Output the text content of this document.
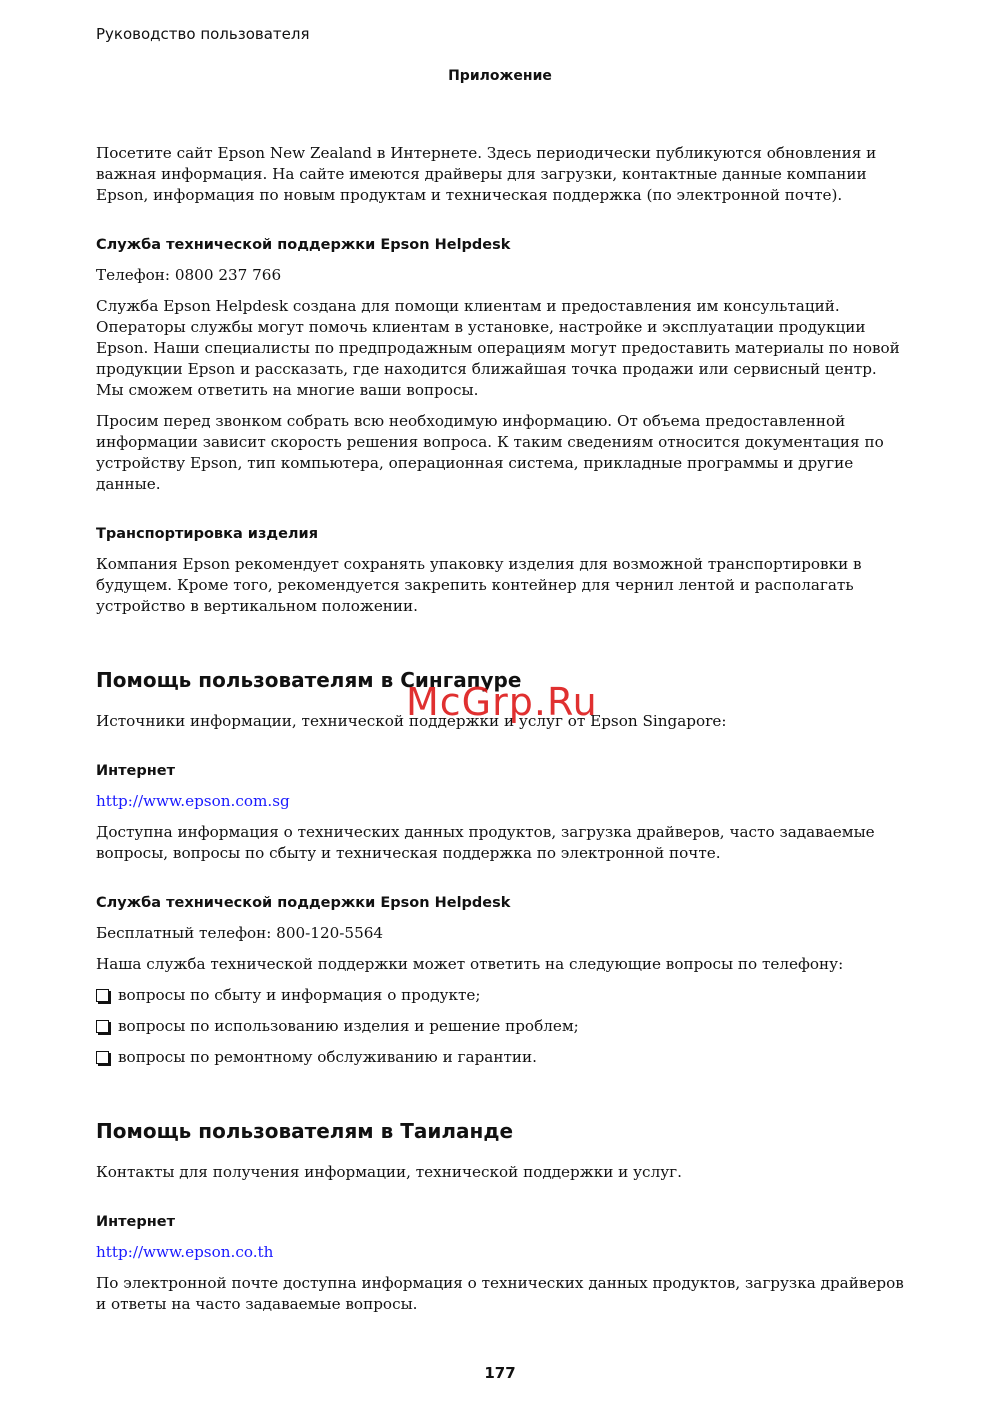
Руководство пользователя
Приложение

Посетите сайт Epson New Zealand в Интернете. Здесь периодически публикуются обновления и важная информация. На сайте имеются драйверы для загрузки, контактные данные компании Epson, информация по новым продуктам и техническая поддержка (по электронной почте).

Служба технической поддержки Epson Helpdesk

Телефон: 0800 237 766

Служба Epson Helpdesk создана для помощи клиентам и предоставления им консультаций. Операторы службы могут помочь клиентам в установке, настройке и эксплуатации продукции Epson. Наши специалисты по предпродажным операциям могут предоставить материалы по новой продукции Epson и рассказать, где находится ближайшая точка продажи или сервисный центр. Мы сможем ответить на многие ваши вопросы.

Просим перед звонком собрать всю необходимую информацию. От объема предоставленной информации зависит скорость решения вопроса. К таким сведениям относится документация по устройству Epson, тип компьютера, операционная система, прикладные программы и другие данные.

Транспортировка изделия

Компания Epson рекомендует сохранять упаковку изделия для возможной транспортировки в будущем. Кроме того, рекомендуется закрепить контейнер для чернил лентой и располагать устройство в вертикальном положении.

Помощь пользователям в Сингапуре

Источники информации, технической поддержки и услуг от Epson Singapore:

Интернет
http://www.epson.com.sg

Доступна информация о технических данных продуктов, загрузка драйверов, часто задаваемые вопросы, вопросы по сбыту и техническая поддержка по электронной почте.

Служба технической поддержки Epson Helpdesk

Бесплатный телефон: 800-120-5564

Наша служба технической поддержки может ответить на следующие вопросы по телефону:

вопросы по сбыту и информация о продукте;
вопросы по использованию изделия и решение проблем;
вопросы по ремонтному обслуживанию и гарантии.
Помощь пользователям в Таиланде

Контакты для получения информации, технической поддержки и услуг.

Интернет
http://www.epson.co.th

По электронной почте доступна информация о технических данных продуктов, загрузка драйверов и ответы на часто задаваемые вопросы.

McGrp.Ru
177
